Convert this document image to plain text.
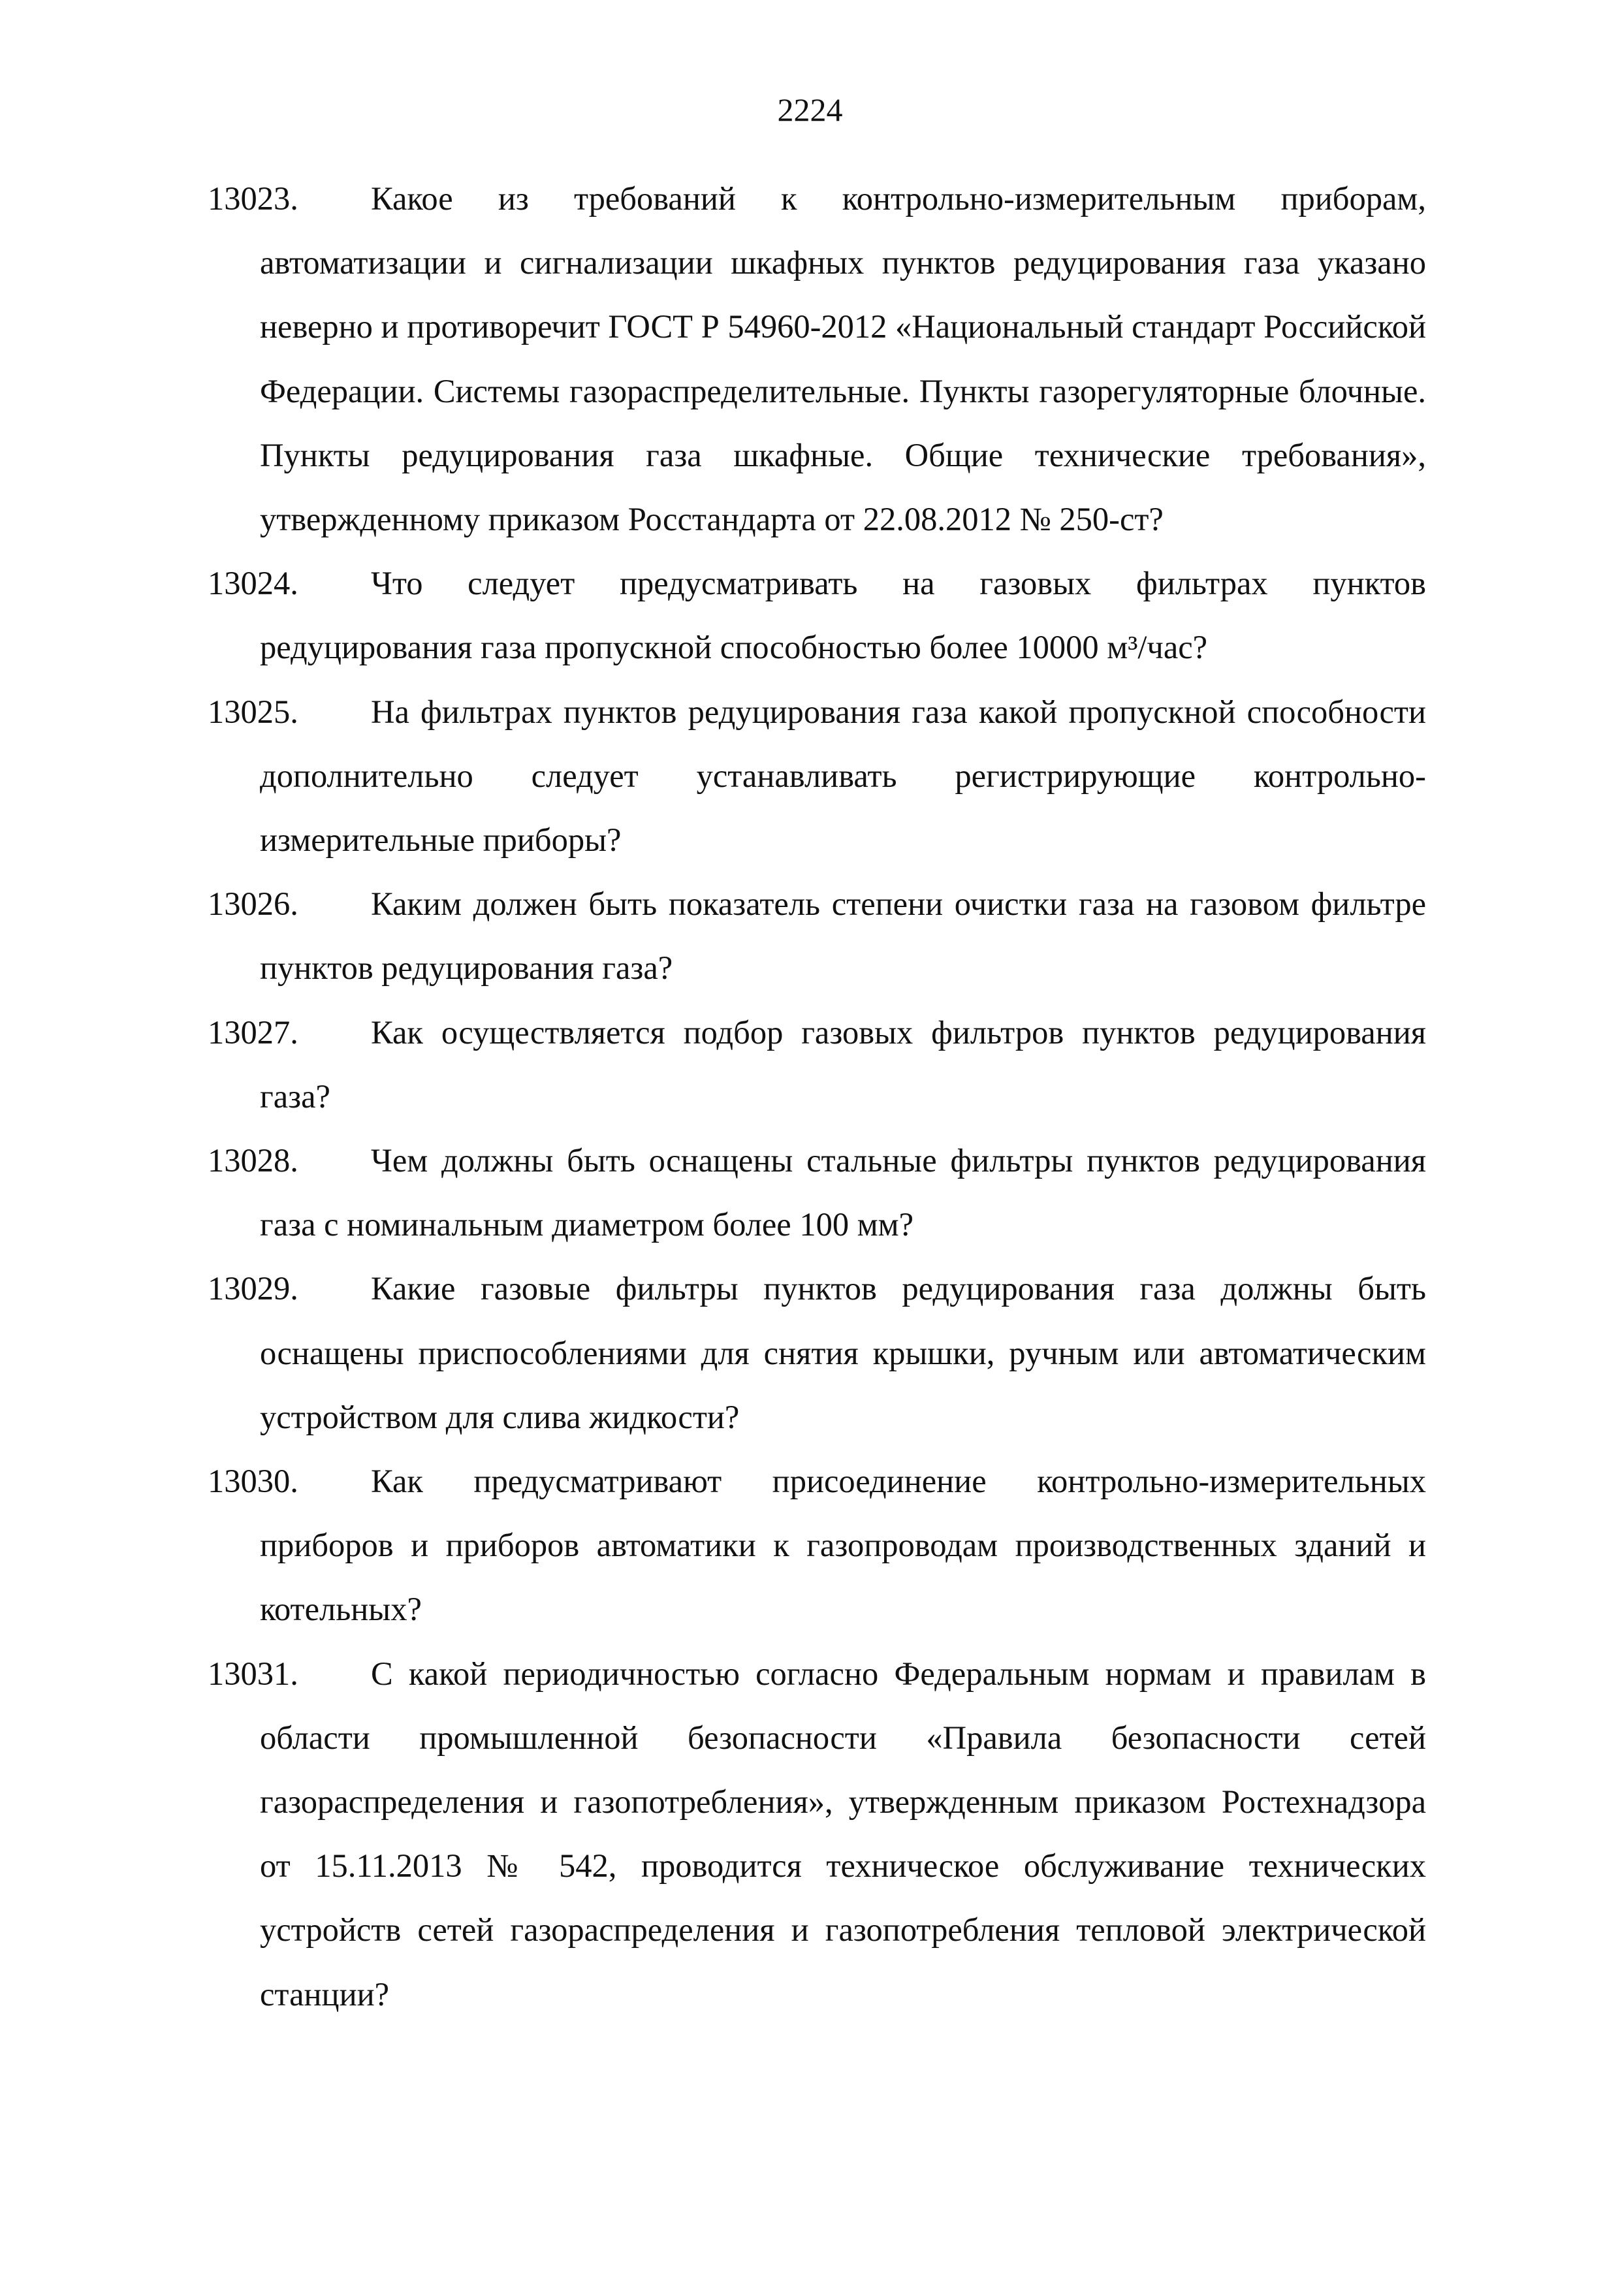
2224
13023.	Какое из требований к контрольно-измерительным приборам, автоматизации и сигнализации шкафных пунктов редуцирования газа указано неверно и противоречит ГОСТ Р 54960-2012 «Национальный стандарт Российской Федерации. Системы газораспределительные. Пункты газорегуляторные блочные. Пункты редуцирования газа шкафные. Общие технические требования», утвержденному приказом Росстандарта от 22.08.2012 № 250-ст?
13024.	Что следует предусматривать на газовых фильтрах пунктов редуцирования газа пропускной способностью более 10000 м³/час?
13025.	На фильтрах пунктов редуцирования газа какой пропускной способности дополнительно следует устанавливать регистрирующие контрольно-измерительные приборы?
13026.	Каким должен быть показатель степени очистки газа на газовом фильтре пунктов редуцирования газа?
13027.	Как осуществляется подбор газовых фильтров пунктов редуцирования газа?
13028.	Чем должны быть оснащены стальные фильтры пунктов редуцирования газа с номинальным диаметром более 100 мм?
13029.	Какие газовые фильтры пунктов редуцирования газа должны быть оснащены приспособлениями для снятия крышки, ручным или автоматическим устройством для слива жидкости?
13030.	Как предусматривают присоединение контрольно-измерительных приборов и приборов автоматики к газопроводам производственных зданий и котельных?
13031.	С какой периодичностью согласно Федеральным нормам и правилам в области промышленной безопасности «Правила безопасности сетей газораспределения и газопотребления», утвержденным приказом Ростехнадзора от 15.11.2013 № 542, проводится техническое обслуживание технических устройств сетей газораспределения и газопотребления тепловой электрической станции?
